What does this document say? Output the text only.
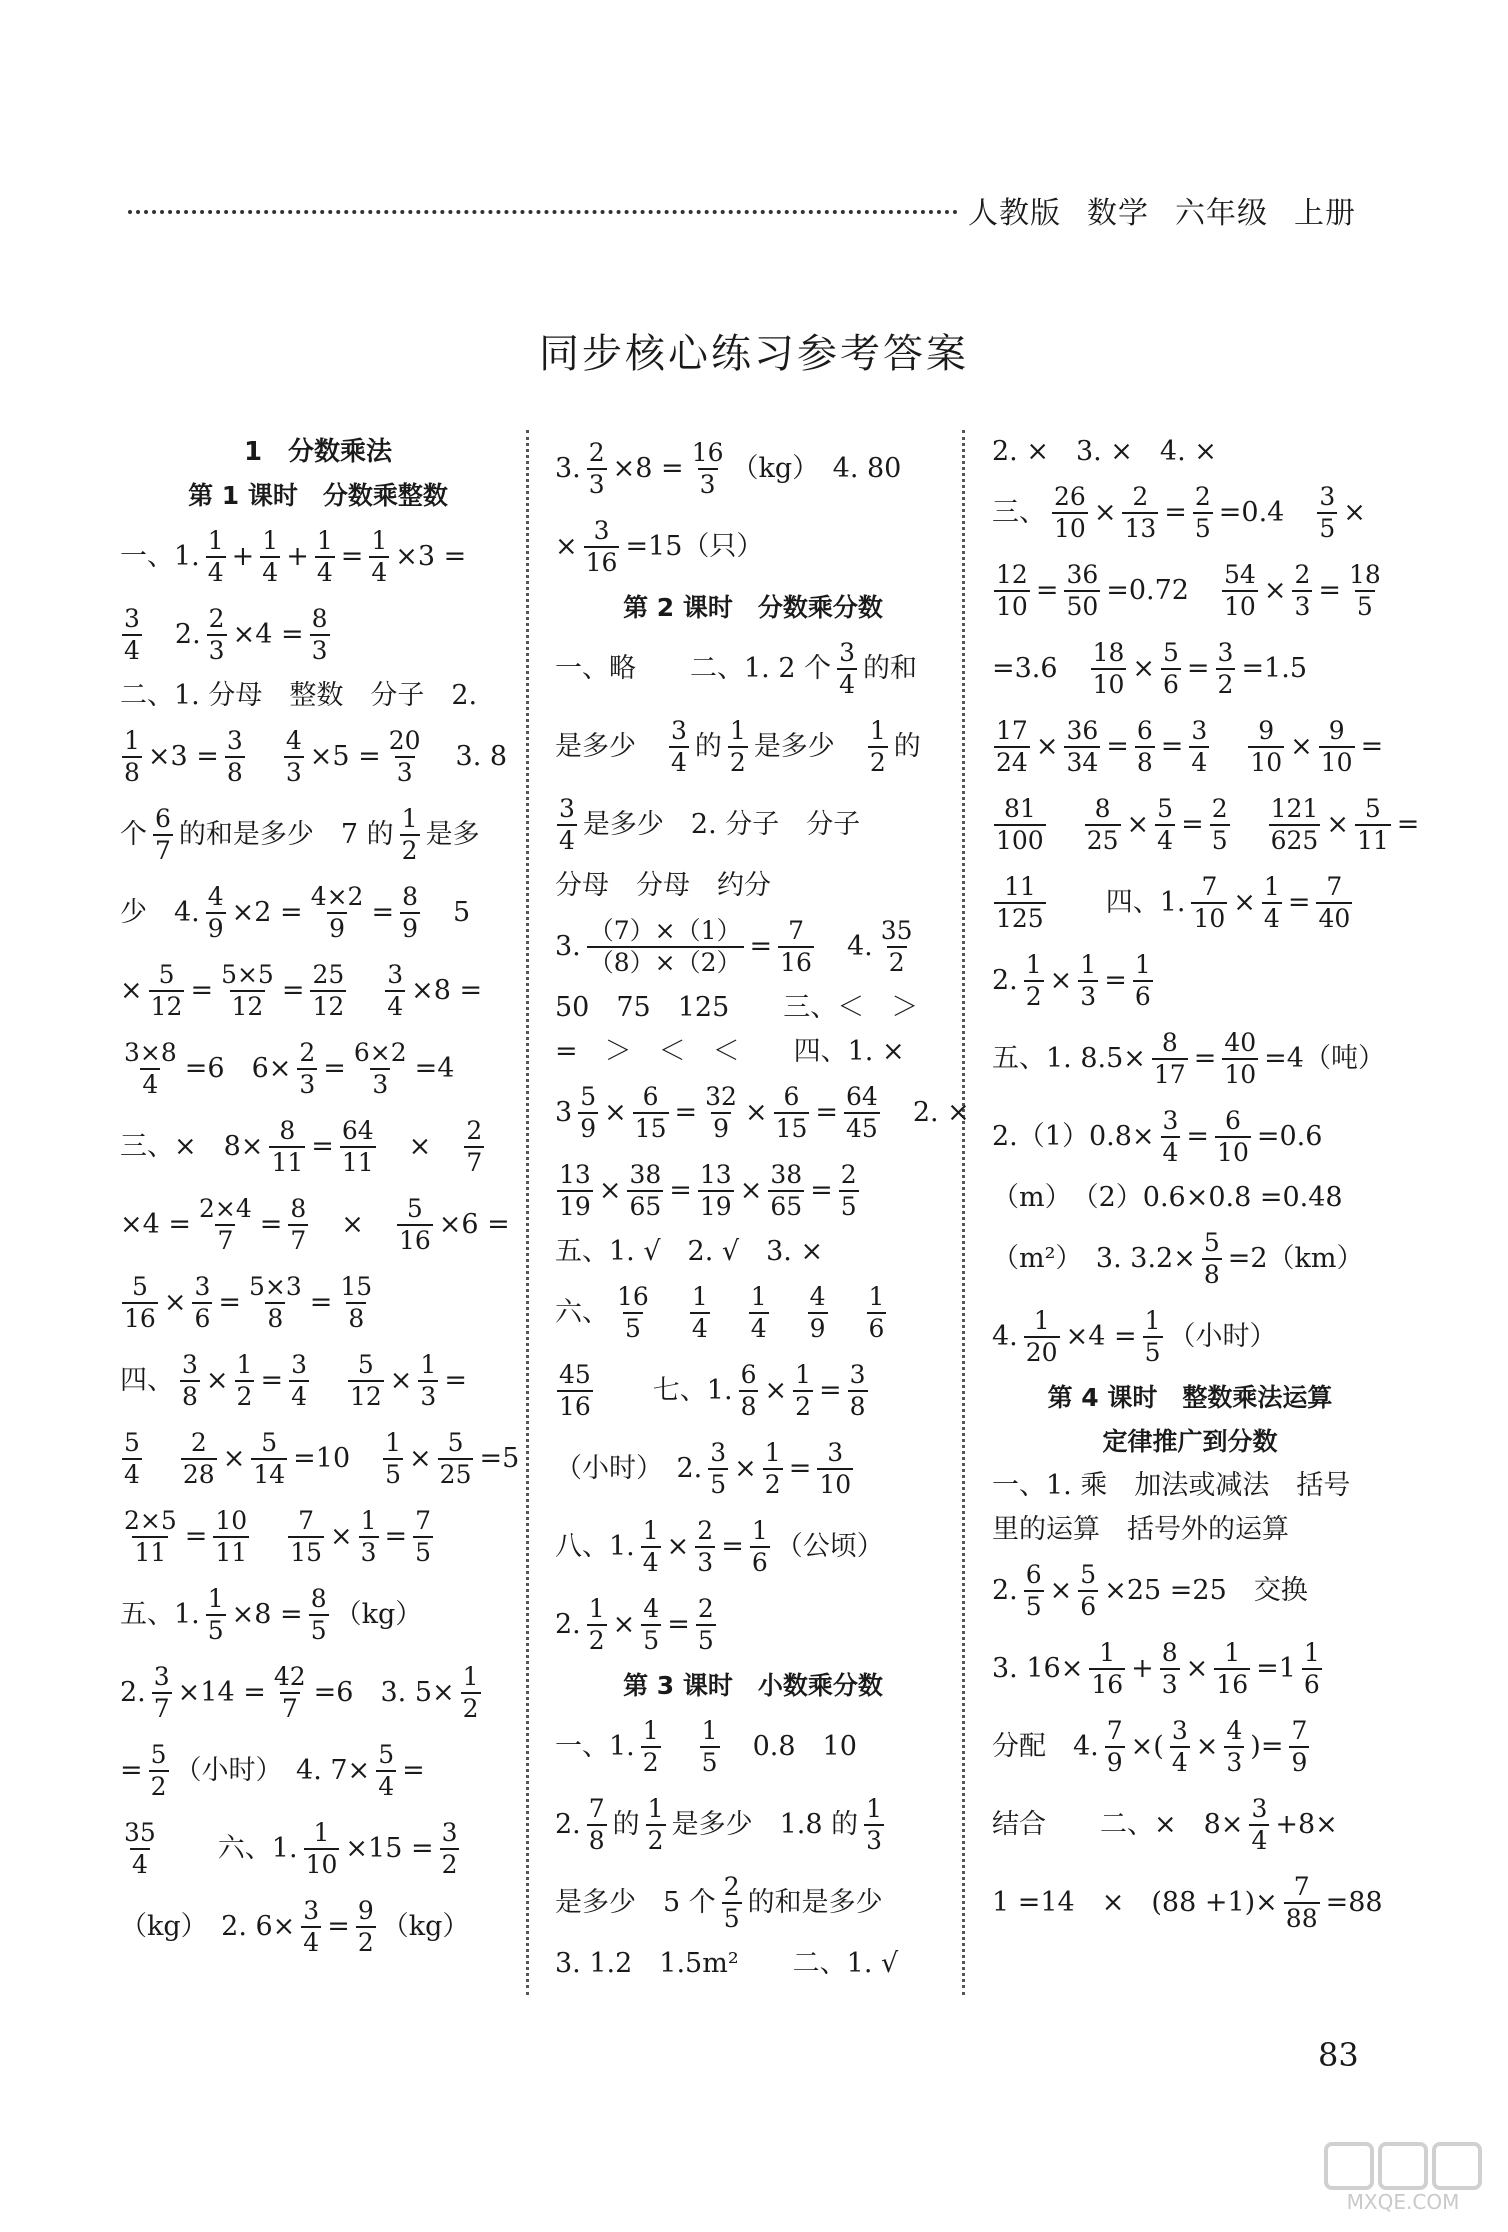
人教版 数学 六年级 上册
同步核心练习参考答案
1　分数乘法
第 1 课时　分数乘整数
一、1. $\frac{1}{4} + \frac{1}{4} + \frac{1}{4} = \frac{1}{4} \times 3$ =
$\frac{3}{4}$ 　2. $\frac{2}{3} \times 4 = \frac{8}{3}$
二、1. 分母　整数　分子　2.
$\frac{1}{8} \times 3 = \frac{3}{8}$
　 $\frac{4}{3} \times 5 = \frac{20}{3}$ 　3. 8
个 $\frac{6}{7}$ 的和是多少　7 的 $\frac{1}{2}$ 是多
少　4. $\frac{4}{9} \times 2 = \frac{4\times 2}{9} = \frac{8}{9}$ 　5
× $\frac{5}{12} = \frac{5\times 5}{12} = \frac{25}{12}$
　 $\frac{3}{4} \times 8$ =
$\frac{3\times 8}{4} =6$　$6\times \frac{2}{3} = \frac{6\times 2}{3} =4$
三、×　$8\times \frac{8}{11} = \frac{64}{11}$ 　×　 $\frac{2}{7}$
$\times 4 = \frac{2\times 4}{7} = \frac{8}{7}$ 　×　 $\frac{5}{16} \times 6$ =
$\frac{5}{16} \times \frac{3}{6} = \frac{5\times 3}{8} = \frac{15}{8}$
四、 $\frac{3}{8} \times \frac{1}{2} = \frac{3}{4}$
　 $\frac{5}{12} \times \frac{1}{3}$ =
$\frac{5}{4}$
　 $\frac{2}{28} \times \frac{5}{14} =10$　 $\frac{1}{5} \times \frac{5}{25} =5$
$\frac{2\times 5}{11} = \frac{10}{11}$
　 $\frac{7}{15} \times \frac{1}{3} = \frac{7}{5}$
五、1. $\frac{1}{5} \times 8 = \frac{8}{5} (kg)$
2. $\frac{3}{7} \times 14 = \frac{42}{7} =6$　3. $5\times \frac{1}{2}$
= $\frac{5}{2}$ （小时）　4. $7\times \frac{5}{4}$ =
$\frac{35}{4}$ 　　六、1. $\frac{1}{10} \times 15 = \frac{3}{2}$
（kg）　2. $6\times \frac{3}{4} = \frac{9}{2} (kg)$
3. $\frac{2}{3} \times 8 = \frac{16}{3} (kg)$　4. 80
× $\frac{3}{16} =15$（只）
第 2 课时　分数乘分数
一、略　　二、1. 2 个 $\frac{3}{4}$ 的和
是多少　 $\frac{3}{4}$ 的 $\frac{1}{2}$ 是多少　 $\frac{1}{2}$ 的
$\frac{3}{4}$ 是多少　2. 分子　分子
分母　分母　约分
3. $\frac{(7)\times(1)}{(8)\times(2)} = \frac{7}{16}$ 　4. $\frac{35}{2}$
50　75　125　　三、＜　＞
=　＞　＜　＜　　四、1. ×
$3 \frac{5}{9} \times \frac{6}{15} = \frac{32}{9} \times \frac{6}{15} = \frac{64}{45}$ 　2. ×
$\frac{13}{19} \times \frac{38}{65} = \frac{13}{19} \times \frac{38}{65} = \frac{2}{5}$
五、1. √　2. √　3. ×
六、 $\frac{16}{5}$
　 $\frac{1}{4}$
　 $\frac{1}{4}$
　 $\frac{4}{9}$
　 $\frac{1}{6}$
$\frac{45}{16}$ 　　七、1. $\frac{6}{8} \times \frac{1}{2} = \frac{3}{8}$
（小时）　2. $\frac{3}{5} \times \frac{1}{2} = \frac{3}{10}$
八、1. $\frac{1}{4} \times \frac{2}{3} = \frac{1}{6}$ （公顷）
2. $\frac{1}{2} \times \frac{4}{5} = \frac{2}{5}$
第 3 课时　小数乘分数
一、1. $\frac{1}{2}$
　 $\frac{1}{5}$ 　0.8　10
2. $\frac{7}{8}$ 的 $\frac{1}{2}$ 是多少　1.8 的 $\frac{1}{3}$
是多少　5 个 $\frac{2}{5}$ 的和是多少
3. 1.2　1.5m²　　二、1. √
2. ×　3. ×　4. ×
三、 $\frac{26}{10} \times \frac{2}{13} = \frac{2}{5} =0.4$　 $\frac{3}{5}$ ×
$\frac{12}{10} = \frac{36}{50} =0.72$　 $\frac{54}{10} \times \frac{2}{3} = \frac{18}{5}$
=3.6　 $\frac{18}{10} \times \frac{5}{6} = \frac{3}{2} =1.5$
$\frac{17}{24} \times \frac{36}{34} = \frac{6}{8} = \frac{3}{4}$
　 $\frac{9}{10} \times \frac{9}{10}$ =
$\frac{81}{100}$
　 $\frac{8}{25} \times \frac{5}{4} = \frac{2}{5}$
　 $\frac{121}{625} \times \frac{5}{11}$ =
$\frac{11}{125}$ 　　四、1. $\frac{7}{10} \times \frac{1}{4} = \frac{7}{40}$
2. $\frac{1}{2} \times \frac{1}{3} = \frac{1}{6}$
五、1. $8.5\times \frac{8}{17} = \frac{40}{10} =4$（吨）
$2.(1)0.8\times \frac{3}{4} = \frac{6}{10} =0.6$
（m）　（2）0.6×0.8 =0.48
（m²）　3. $3.2\times \frac{5}{8} =2(km)$
4. $\frac{1}{20} \times 4 = \frac{1}{5}$ （小时）
第 4 课时　整数乘法运算
定律推广到分数
一、1. 乘　加法或减法　括号
里的运算　括号外的运算
2. $\frac{6}{5} \times \frac{5}{6} \times 25 =25$　交换
3. $16\times \frac{1}{16} + \frac{8}{3} \times \frac{1}{16} =1 \frac{1}{6}$
分配　4. $\frac{7}{9}$ ×( $\frac{3}{4} \times \frac{4}{3}$ )= $\frac{7}{9}$
结合　　二、×　$8\times \frac{3}{4} +8\times$
1 =14　×　$(88 +1)\times \frac{7}{88} =88$
83
MXQE.COM
